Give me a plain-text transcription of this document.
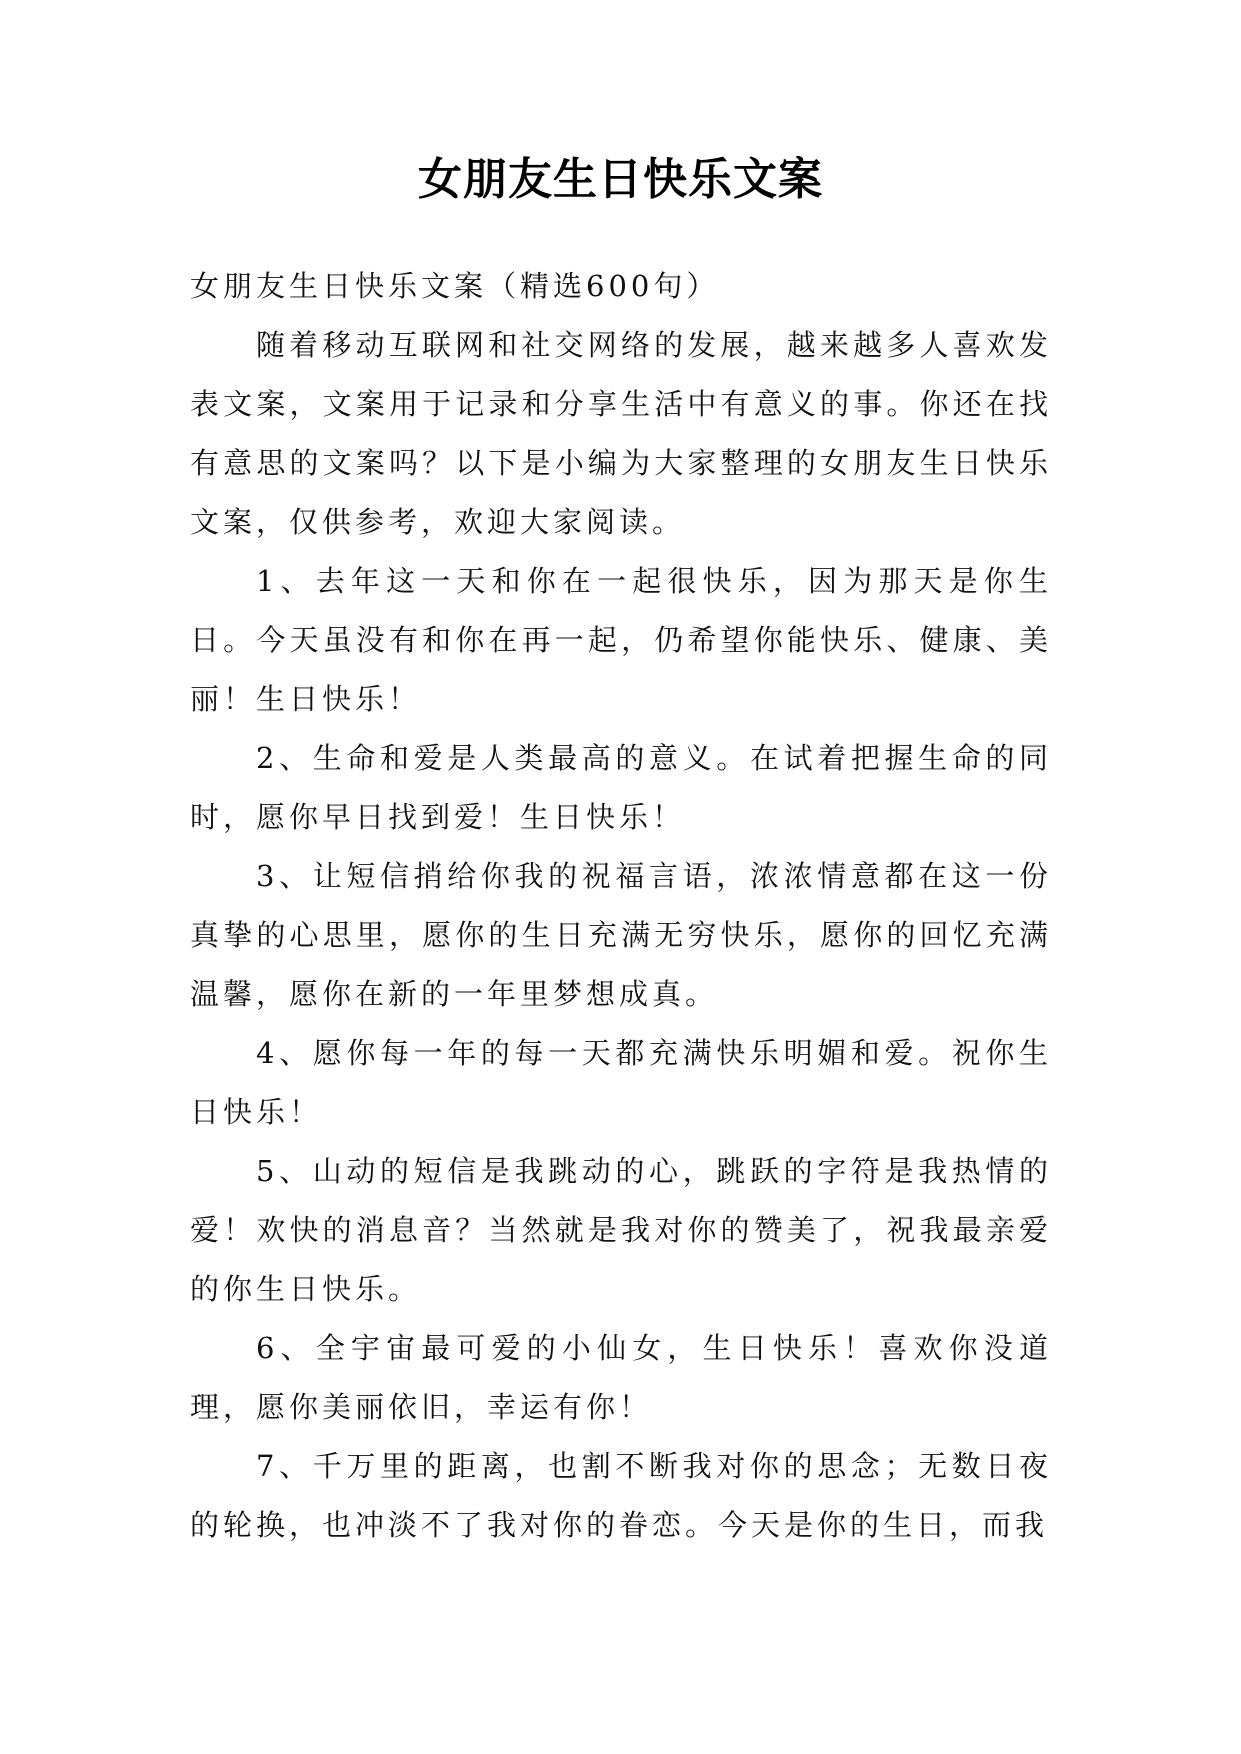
女朋友生日快乐文案

女朋友生日快乐文案（精选600句）

随着移动互联网和社交网络的发展，越来越多人喜欢发表文案，文案用于记录和分享生活中有意义的事。你还在找有意思的文案吗？以下是小编为大家整理的女朋友生日快乐文案，仅供参考，欢迎大家阅读。

1、去年这一天和你在一起很快乐，因为那天是你生日。今天虽没有和你在再一起，仍希望你能快乐、健康、美丽！生日快乐！

2、生命和爱是人类最高的意义。在试着把握生命的同时，愿你早日找到爱！生日快乐！

3、让短信捎给你我的祝福言语，浓浓情意都在这一份真挚的心思里，愿你的生日充满无穷快乐，愿你的回忆充满温馨，愿你在新的一年里梦想成真。

4、愿你每一年的每一天都充满快乐明媚和爱。祝你生日快乐！

5、山动的短信是我跳动的心，跳跃的字符是我热情的爱！欢快的消息音？当然就是我对你的赞美了，祝我最亲爱的你生日快乐。

6、全宇宙最可爱的小仙女，生日快乐！喜欢你没道理，愿你美丽依旧，幸运有你！

7、千万里的距离，也割不断我对你的思念；无数日夜的轮换，也冲淡不了我对你的眷恋。今天是你的生日，而我
